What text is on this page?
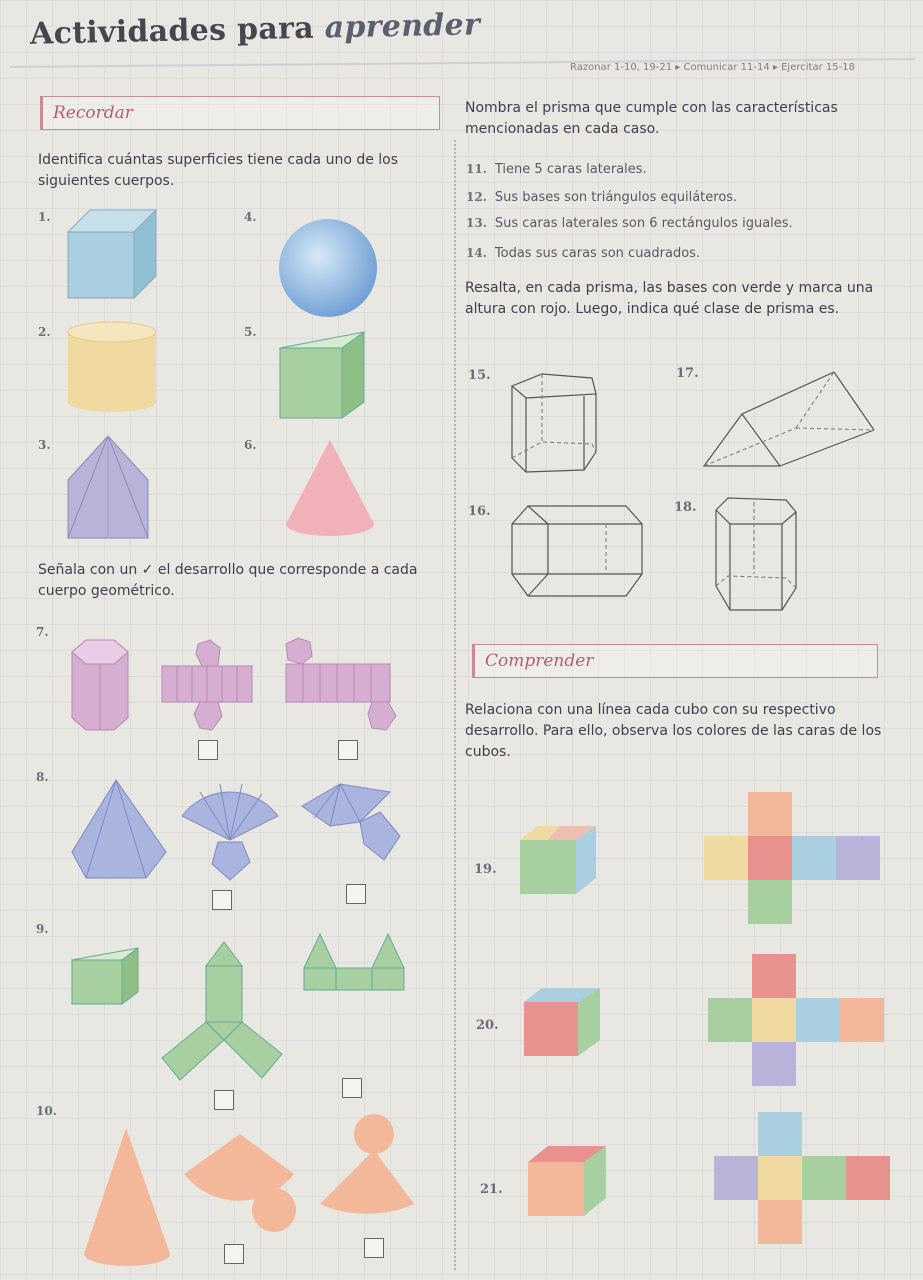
Actividades para aprender
Razonar 1-10, 19-21 ▸ Comunicar 11-14 ▸ Ejercitar 15-18
Recordar
Identifica cuántas superficies tiene cada uno de los siguientes cuerpos.
1.	4.
2.	5.
3.	6.
Señala con un ✓ el desarrollo que corresponde a cada cuerpo geométrico.
7.
8.
9.
10.
Nombra el prisma que cumple con las características mencionadas en cada caso.
11. Tiene 5 caras laterales.
12. Sus bases son triángulos equiláteros.
13. Sus caras laterales son 6 rectángulos iguales.
14. Todas sus caras son cuadrados.
Resalta, en cada prisma, las bases con verde y marca una altura con rojo. Luego, indica qué clase de prisma es.
15.	17.
16.	18.
Comprender
Relaciona con una línea cada cubo con su respectivo desarrollo. Para ello, observa los colores de las caras de los cubos.
19.
20.
21.
